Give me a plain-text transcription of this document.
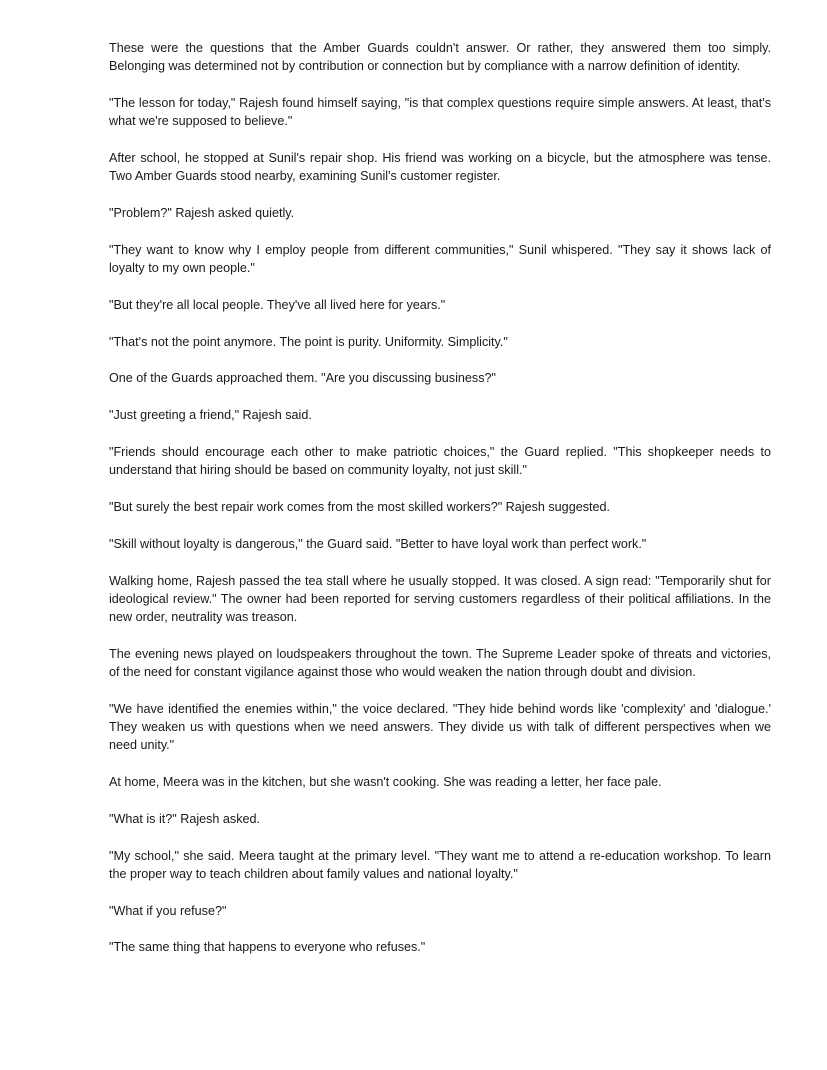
These were the questions that the Amber Guards couldn't answer. Or rather, they answered them too simply. Belonging was determined not by contribution or connection but by compliance with a narrow definition of identity.

"The lesson for today," Rajesh found himself saying, "is that complex questions require simple answers. At least, that's what we're supposed to believe."

After school, he stopped at Sunil's repair shop. His friend was working on a bicycle, but the atmosphere was tense. Two Amber Guards stood nearby, examining Sunil's customer register.

"Problem?" Rajesh asked quietly.

"They want to know why I employ people from different communities," Sunil whispered. "They say it shows lack of loyalty to my own people."

"But they're all local people. They've all lived here for years."

"That's not the point anymore. The point is purity. Uniformity. Simplicity."

One of the Guards approached them. "Are you discussing business?"

"Just greeting a friend," Rajesh said.

"Friends should encourage each other to make patriotic choices," the Guard replied. "This shopkeeper needs to understand that hiring should be based on community loyalty, not just skill."

"But surely the best repair work comes from the most skilled workers?" Rajesh suggested.

"Skill without loyalty is dangerous," the Guard said. "Better to have loyal work than perfect work."

Walking home, Rajesh passed the tea stall where he usually stopped. It was closed. A sign read: "Temporarily shut for ideological review." The owner had been reported for serving customers regardless of their political affiliations. In the new order, neutrality was treason.

The evening news played on loudspeakers throughout the town. The Supreme Leader spoke of threats and victories, of the need for constant vigilance against those who would weaken the nation through doubt and division.

"We have identified the enemies within," the voice declared. "They hide behind words like 'complexity' and 'dialogue.' They weaken us with questions when we need answers. They divide us with talk of different perspectives when we need unity."

At home, Meera was in the kitchen, but she wasn't cooking. She was reading a letter, her face pale.

"What is it?" Rajesh asked.

"My school," she said. Meera taught at the primary level. "They want me to attend a re-education workshop. To learn the proper way to teach children about family values and national loyalty."

"What if you refuse?"

"The same thing that happens to everyone who refuses."
